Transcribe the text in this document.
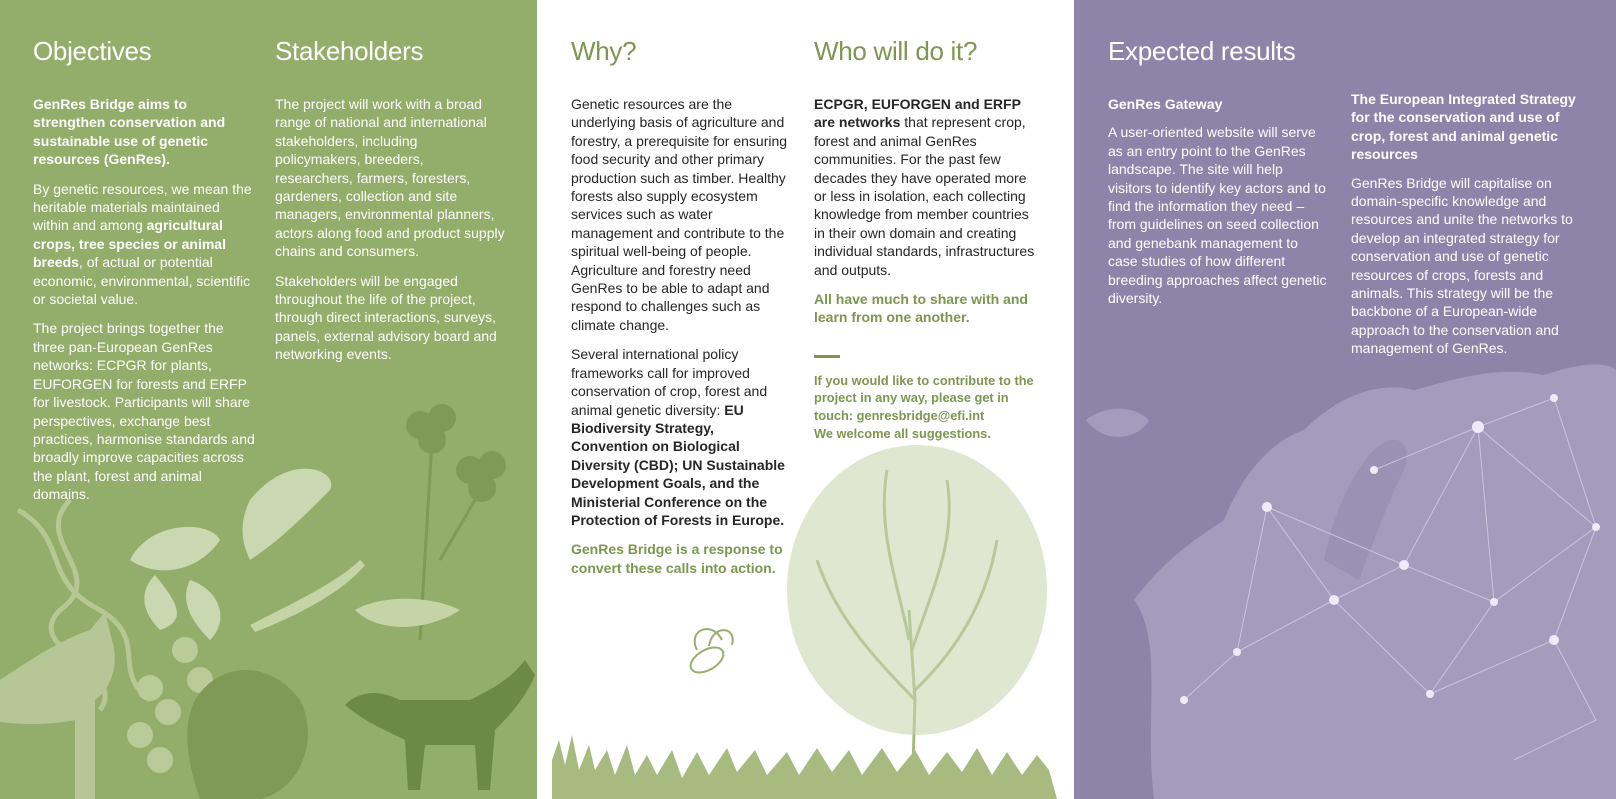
Objectives

GenRes Bridge aims to strengthen conservation and sustainable use of genetic resources (GenRes).

By genetic resources, we mean the heritable materials maintained within and among agricultural crops, tree species or animal breeds, of actual or potential economic, environmental, scientific or societal value.

The project brings together the three pan-European GenRes networks: ECPGR for plants, EUFORGEN for forests and ERFP for livestock. Participants will share perspectives, exchange best practices, harmonise standards and broadly improve capacities across the plant, forest and animal domains.

Stakeholders

The project will work with a broad range of national and international stakeholders, including policymakers, breeders, researchers, farmers, foresters, gardeners, collection and site managers, environmental planners, actors along food and product supply chains and consumers.

Stakeholders will be engaged throughout the life of the project, through direct interactions, surveys, panels, external advisory board and networking events.

Why?

Genetic resources are the underlying basis of agriculture and forestry, a prerequisite for ensuring food security and other primary production such as timber. Healthy forests also supply ecosystem services such as water management and contribute to the spiritual well-being of people. Agriculture and forestry need GenRes to be able to adapt and respond to challenges such as climate change.

Several international policy frameworks call for improved conservation of crop, forest and animal genetic diversity: EU Biodiversity Strategy, Convention on Biological Diversity (CBD); UN Sustainable Development Goals, and the Ministerial Conference on the Protection of Forests in Europe.

GenRes Bridge is a response to convert these calls into action.

Who will do it?

ECPGR, EUFORGEN and ERFP are networks that represent crop, forest and animal GenRes communities. For the past few decades they have operated more or less in isolation, each collecting knowledge from member countries in their own domain and creating individual standards, infrastructures and outputs.

All have much to share with and learn from one another.

If you would like to contribute to the project in any way, please get in touch: genresbridge@efi.int

We welcome all suggestions.

Expected results

GenRes Gateway

A user-oriented website will serve as an entry point to the GenRes landscape. The site will help visitors to identify key actors and to find the information they need – from guidelines on seed collection and genebank management to case studies of how different breeding approaches affect genetic diversity.

The European Integrated Strategy for the conservation and use of crop, forest and animal genetic resources

GenRes Bridge will capitalise on domain-specific knowledge and resources and unite the networks to develop an integrated strategy for conservation and use of genetic resources of crops, forests and animals. This strategy will be the backbone of a European-wide approach to the conservation and management of GenRes.
